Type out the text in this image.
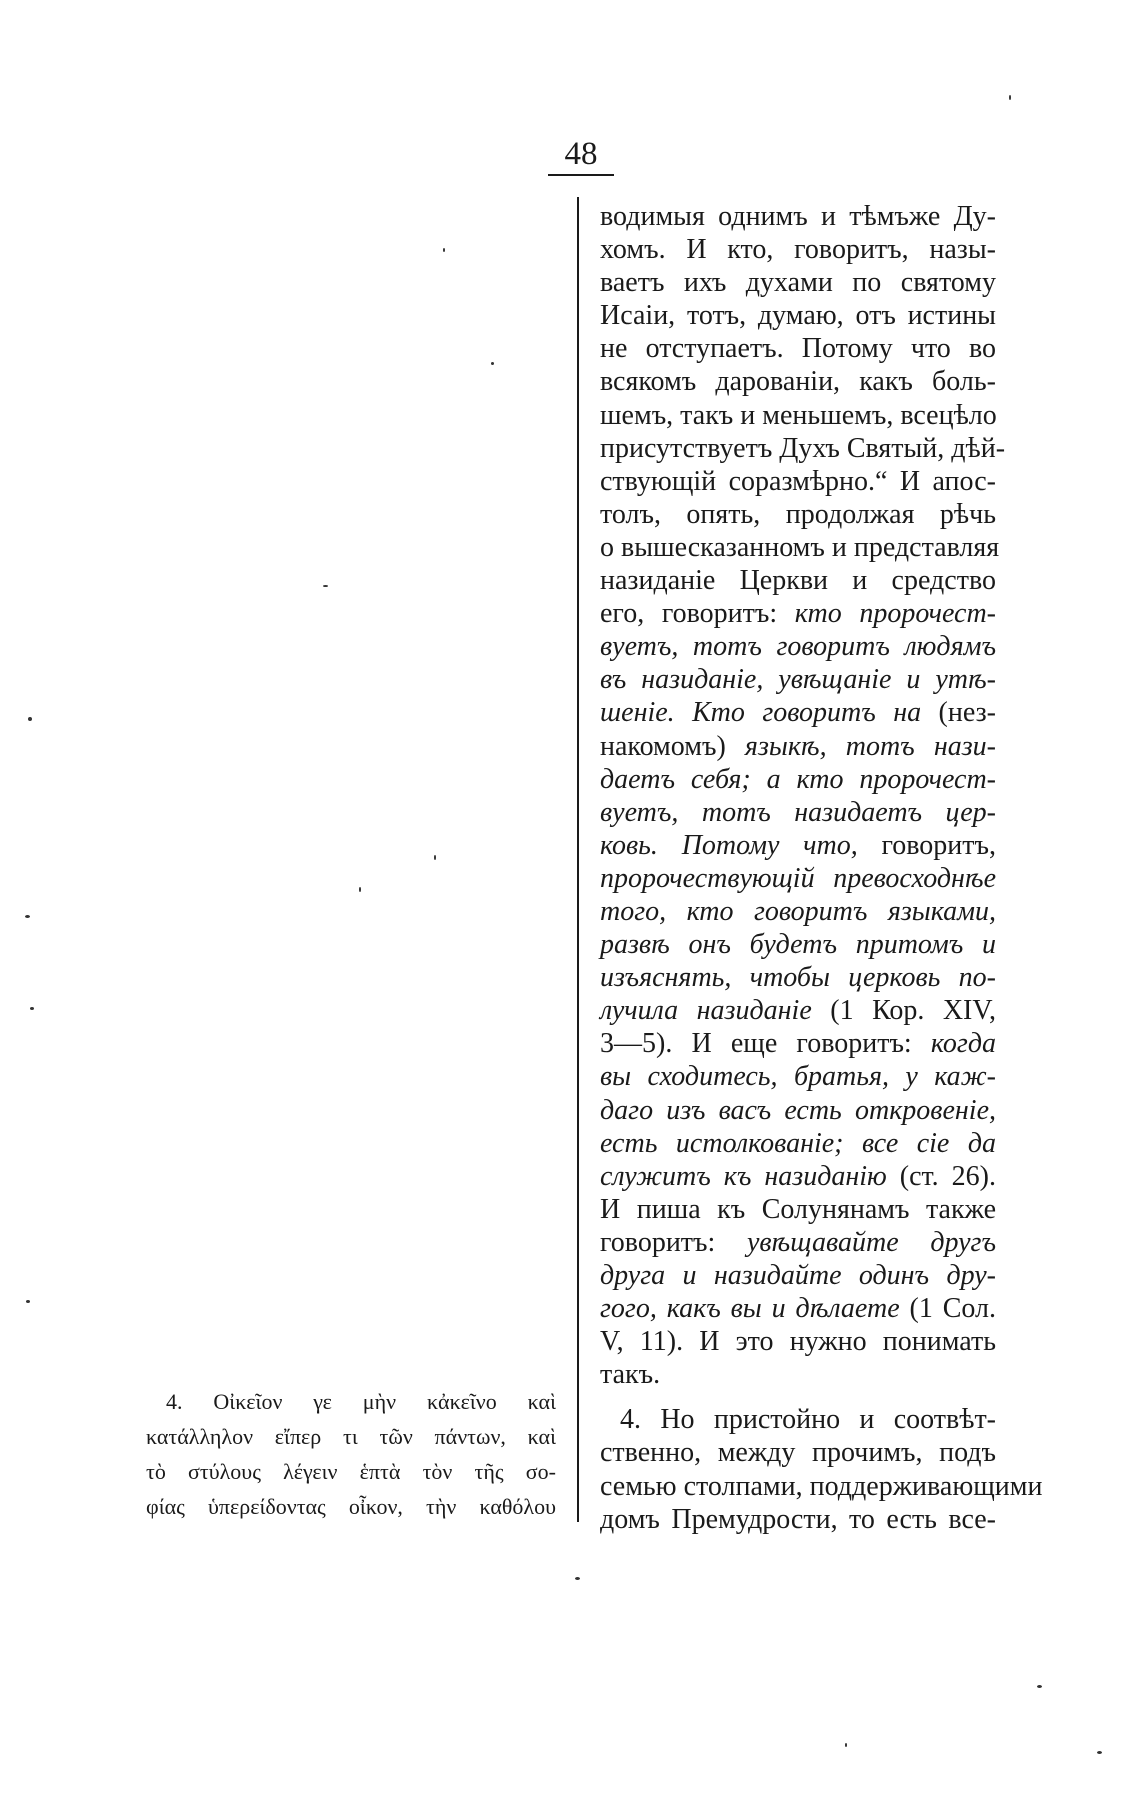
48
водимыя однимъ и тѣмъже Ду-
хомъ. И кто, говоритъ, назы-
ваетъ ихъ духами по святому
Исаiи, тотъ, думаю, отъ истины
не отступаетъ. Потому что во
всякомъ дарованiи, какъ боль-
шемъ, такъ и меньшемъ, всецѣло
присутствуетъ Духъ Святый, дѣй-
ствующiй соразмѣрно.“ И апос-
толъ, опять, продолжая рѣчь
о вышесказанномъ и представляя
назиданiе Церкви и средство
его, говоритъ: кто пророчест-
вуетъ, тотъ говоритъ людямъ
въ назиданiе, увѣщанiе и утѣ-
шенiе. Кто говоритъ на (нез-
накомомъ) языкѣ, тотъ нази-
даетъ себя; а кто пророчест-
вуетъ, тотъ назидаетъ цер-
ковь. Потому что, говоритъ,
пророчествующiй превосходнѣе
того, кто говоритъ языками,
развѣ онъ будетъ притомъ и
изъяснять, чтобы церковь по-
лучила назиданiе (1 Кор. XIV,
3—5). И еще говоритъ: когда
вы сходитесь, братья, у каж-
даго изъ васъ есть откровенiе,
есть истолкованiе; все сiе да
служитъ къ назиданiю (ст. 26).
И пиша къ Солунянамъ также
говоритъ: увѣщавайте другъ
друга и назидайте одинъ дру-
гого, какъ вы и дѣлаете (1 Сол.
V, 11). И это нужно понимать
такъ.
4. Но пристойно и соотвѣт-
ственно, между прочимъ, подъ
семью столпами, поддерживающими
домъ Премудрости, то есть все-
4. Οἰκεῖον γε μὴν κἀκεῖνο καὶ
κατάλληλον εἴπερ τι τῶν πάντων, καὶ
τὸ στύλους λέγειν ἑπτὰ τὸν τῆς σο-
φίας ὑπερείδοντας οἶκον, τὴν καθόλου
